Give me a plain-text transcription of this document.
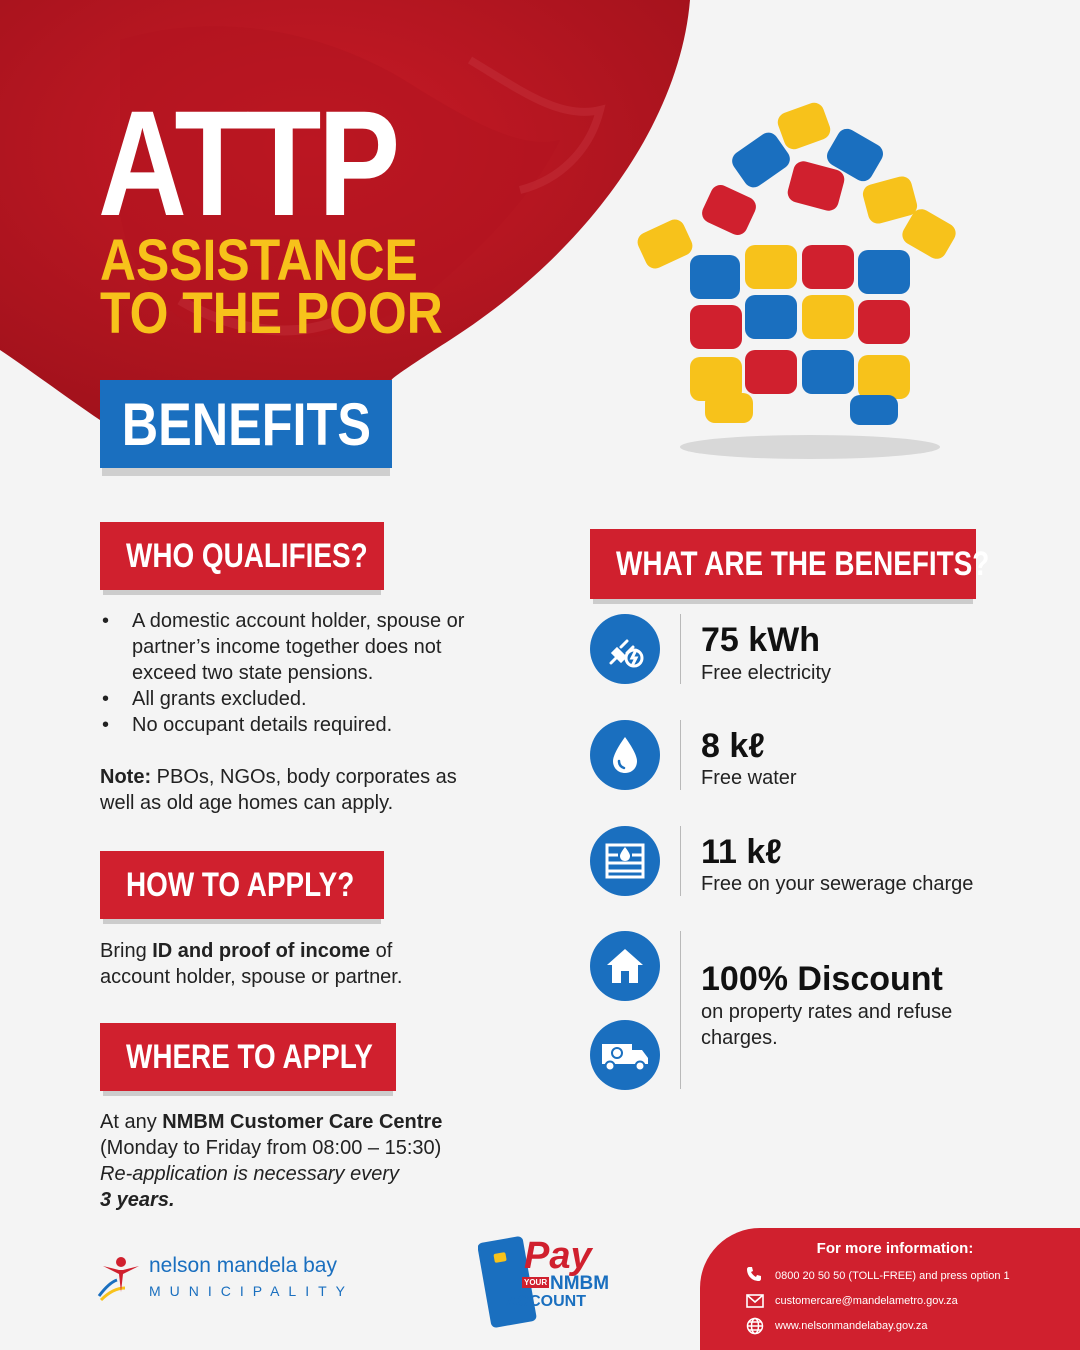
ATTP
ASSISTANCE
TO THE POOR
BENEFITS
WHO QUALIFIES?
• A domestic account holder, spouse or partner’s income together does not exceed two state pensions.
• All grants excluded.
• No occupant details required.

Note: PBOs, NGOs, body corporates as well as old age homes can apply.

HOW TO APPLY?

Bring ID and proof of income of account holder, spouse or partner.

WHERE TO APPLY
At any NMBM Customer Care Centre
(Monday to Friday from 08:00 – 15:30)
Re-application is necessary every
3 years.
WHAT ARE THE BENEFITS?
75 kWh
Free electricity
8 kℓ
Free water
11 kℓ
Free on your sewerage charge
100% Discount
on property rates and refuse charges.
nelson mandela bay
MUNICIPALITY
Pay
YOUR NMBM
ACCOUNT
For more information:
0800 20 50 50 (TOLL-FREE) and press option 1
customercare@mandelametro.gov.za
www.nelsonmandelabay.gov.za
